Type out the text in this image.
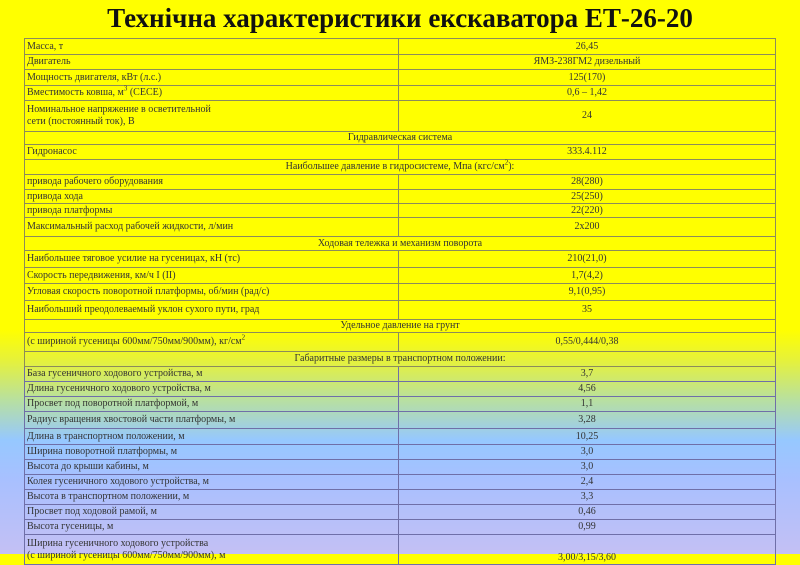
Технічна характеристики екскаватора ЕТ-26-20
Масса, т	26,45
Двигатель	ЯМЗ-238ГМ2 дизельный
Мощность двигателя, кВт (л.с.)	125(170)
Вместимость ковша, $м^3$ (СЕСЕ)	0,6 – 1,42
Номинальное напряжение в осветительной
сети (постоянный ток), В	24
Гидравлическая система	
Гидронасос	333.4.112
Наибольшее давление в гидросистеме, Мпа $(кгс/см^2)$:	
привода рабочего оборудования	28(280)
привода хода	25(250)
привода платформы	22(220)
Максимальный расход рабочей жидкости, л/мин	2х200
Ходовая тележка и механизм поворота	
Наибольшее тяговое усилие на гусеницах, кН (тс)	210(21,0)
Скорость передвижения, км/ч I (II)	1,7(4,2)
Угловая скорость поворотной платформы, об/мин (рад/с)	9,1(0,95)
Наибольший преодолеваемый уклон сухого пути, град	35
Удельное давление на грунт	
(с шириной гусеницы 600мм/750мм/900мм), $кг/см^2$	0,55/0,444/0,38
Габаритные размеры в транспортном положении:	
База гусеничного ходового устройства, м	3,7
Длина гусеничного ходового устройства, м	4,56
Просвет под поворотной платформой, м	1,1
Радиус вращения хвостовой части платформы, м	3,28
Длина в транспортном положении, м	10,25
Ширина поворотной платформы, м	3,0
Высота до крыши кабины, м	3,0
Колея гусеничного ходового устройства, м	2,4
Высота в транспортном положении, м	3,3
Просвет под ходовой рамой, м	0,46
Высота гусеницы, м	0,99
Ширина гусеничного ходового устройства
(с шириной гусеницы 600мм/750мм/900мм), м	3,00/3,15/3,60
